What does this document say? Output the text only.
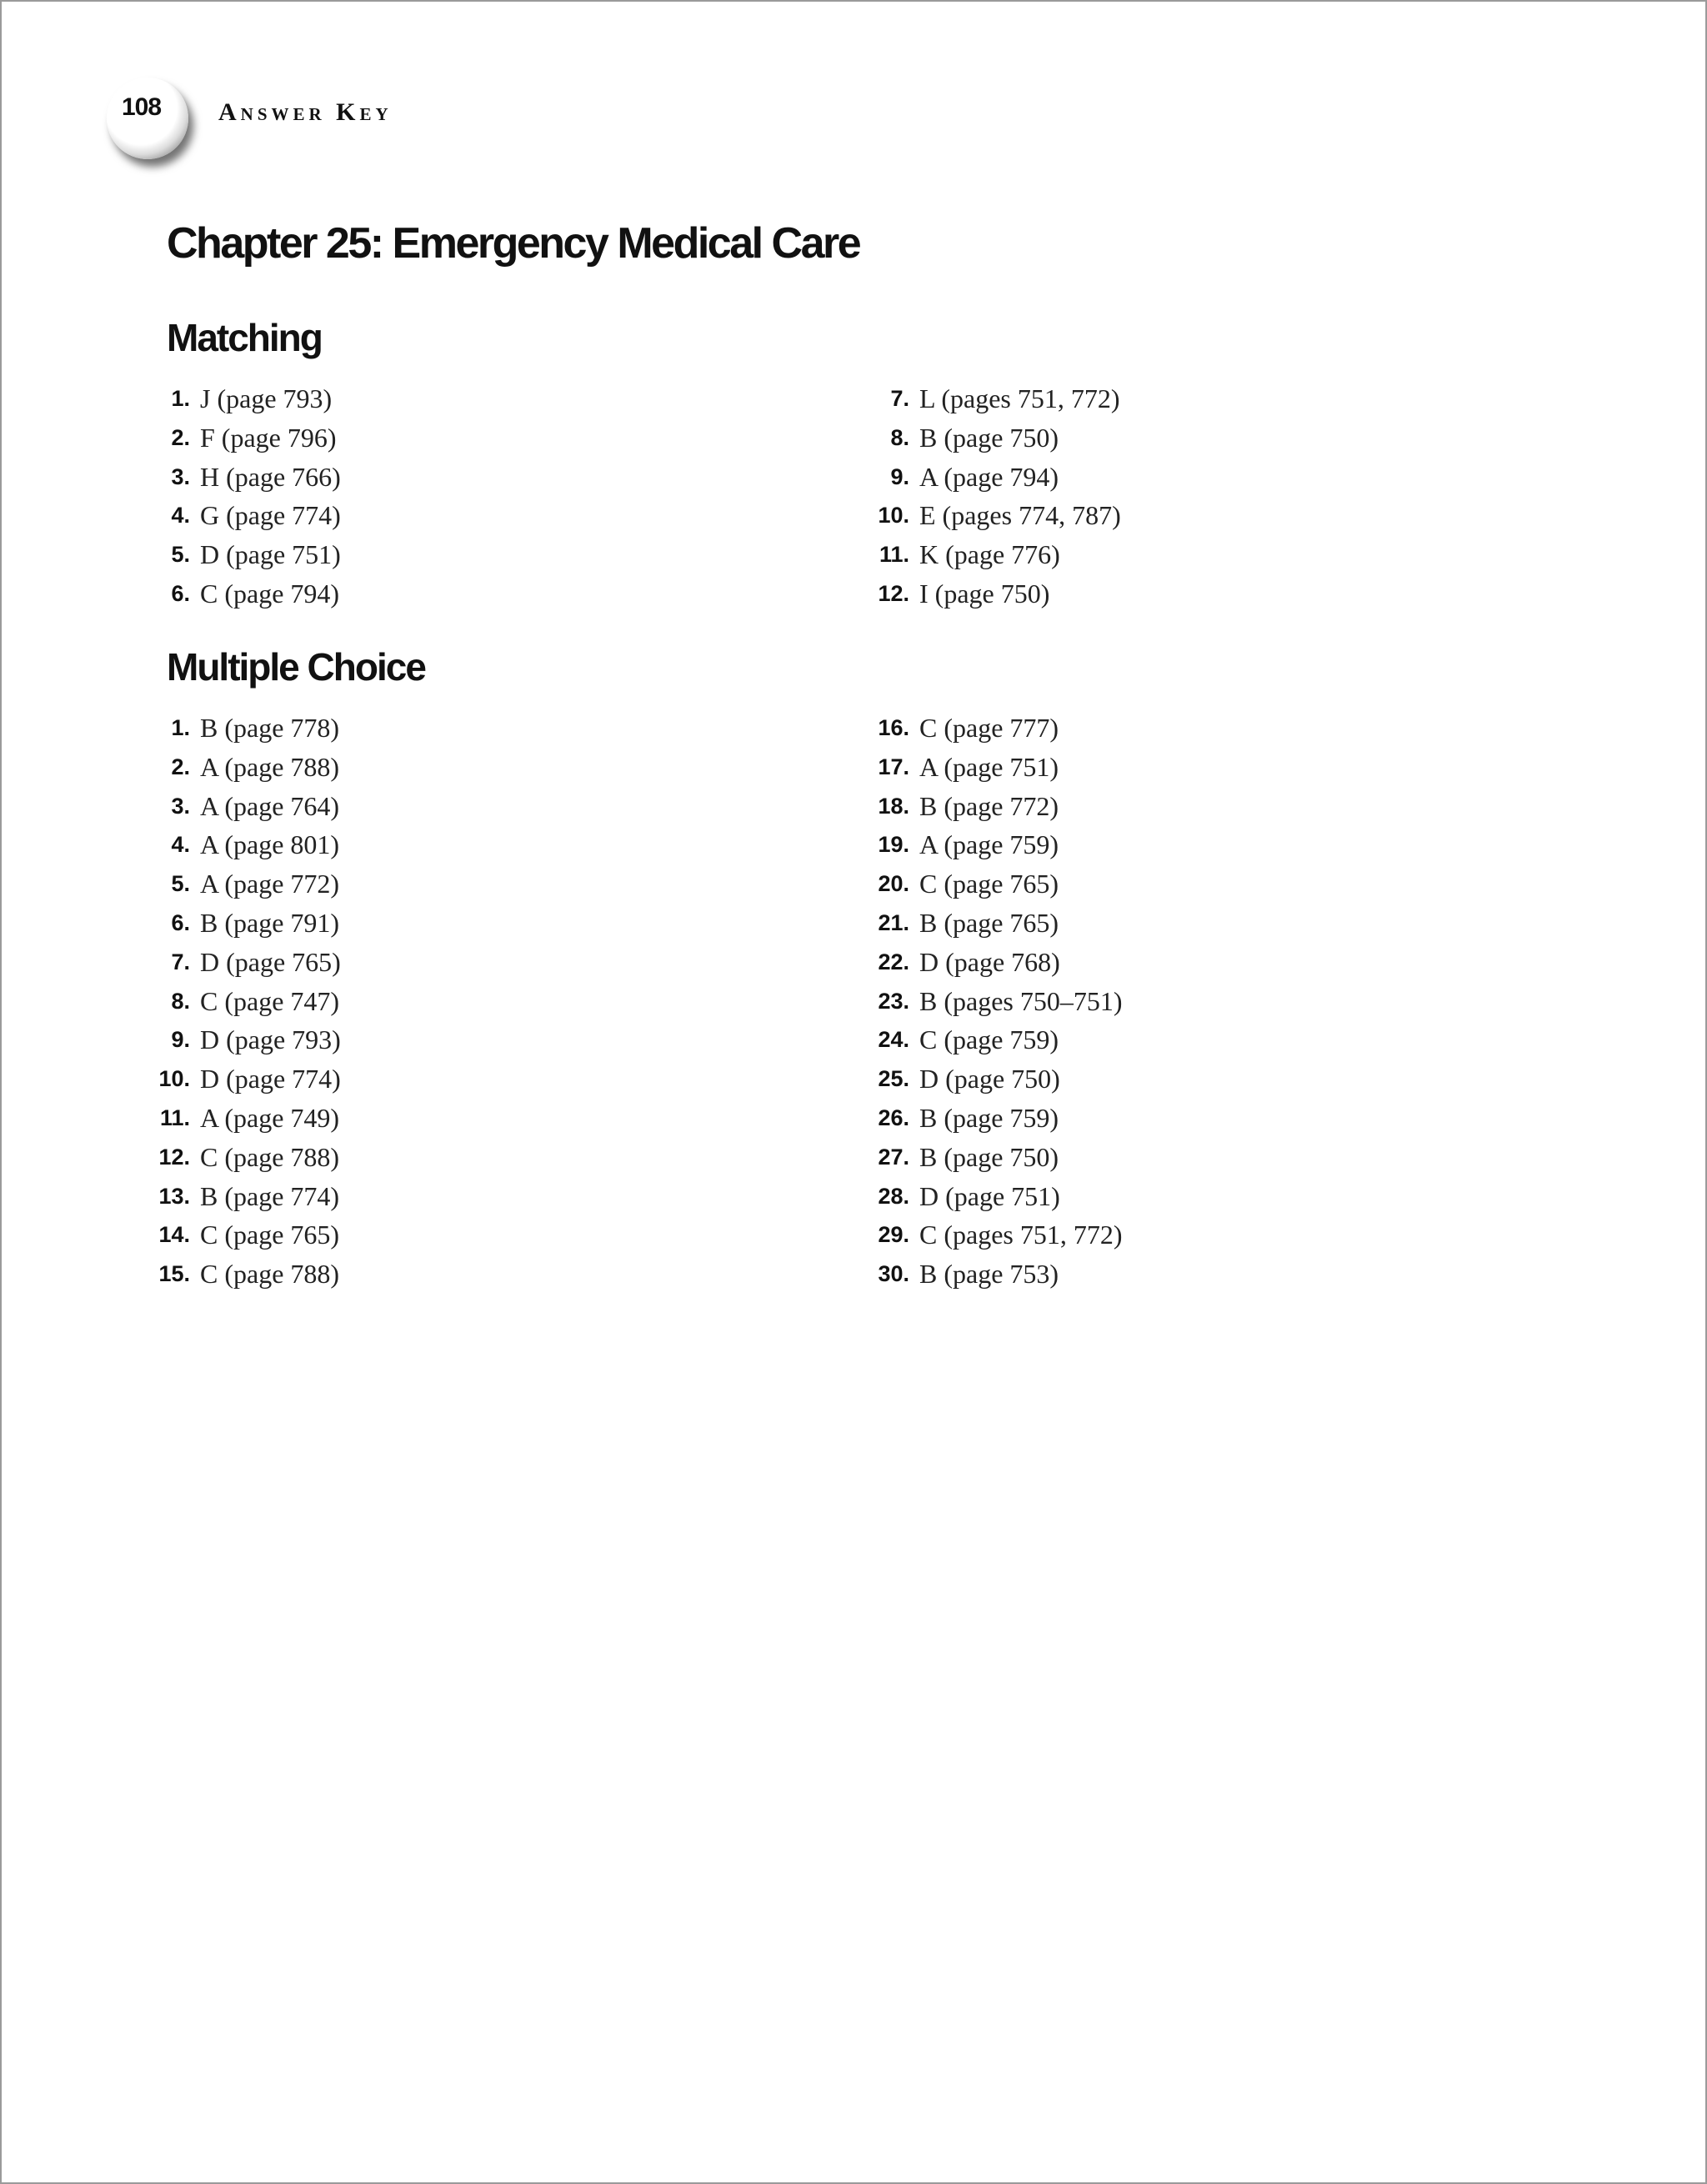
108 Answer Key
Chapter 25: Emergency Medical Care
Matching
1. J (page 793)
2. F (page 796)
3. H (page 766)
4. G (page 774)
5. D (page 751)
6. C (page 794)
7. L (pages 751, 772)
8. B (page 750)
9. A (page 794)
10. E (pages 774, 787)
11. K (page 776)
12. I (page 750)
Multiple Choice
1. B (page 778)
2. A (page 788)
3. A (page 764)
4. A (page 801)
5. A (page 772)
6. B (page 791)
7. D (page 765)
8. C (page 747)
9. D (page 793)
10. D (page 774)
11. A (page 749)
12. C (page 788)
13. B (page 774)
14. C (page 765)
15. C (page 788)
16. C (page 777)
17. A (page 751)
18. B (page 772)
19. A (page 759)
20. C (page 765)
21. B (page 765)
22. D (page 768)
23. B (pages 750–751)
24. C (page 759)
25. D (page 750)
26. B (page 759)
27. B (page 750)
28. D (page 751)
29. C (pages 751, 772)
30. B (page 753)
